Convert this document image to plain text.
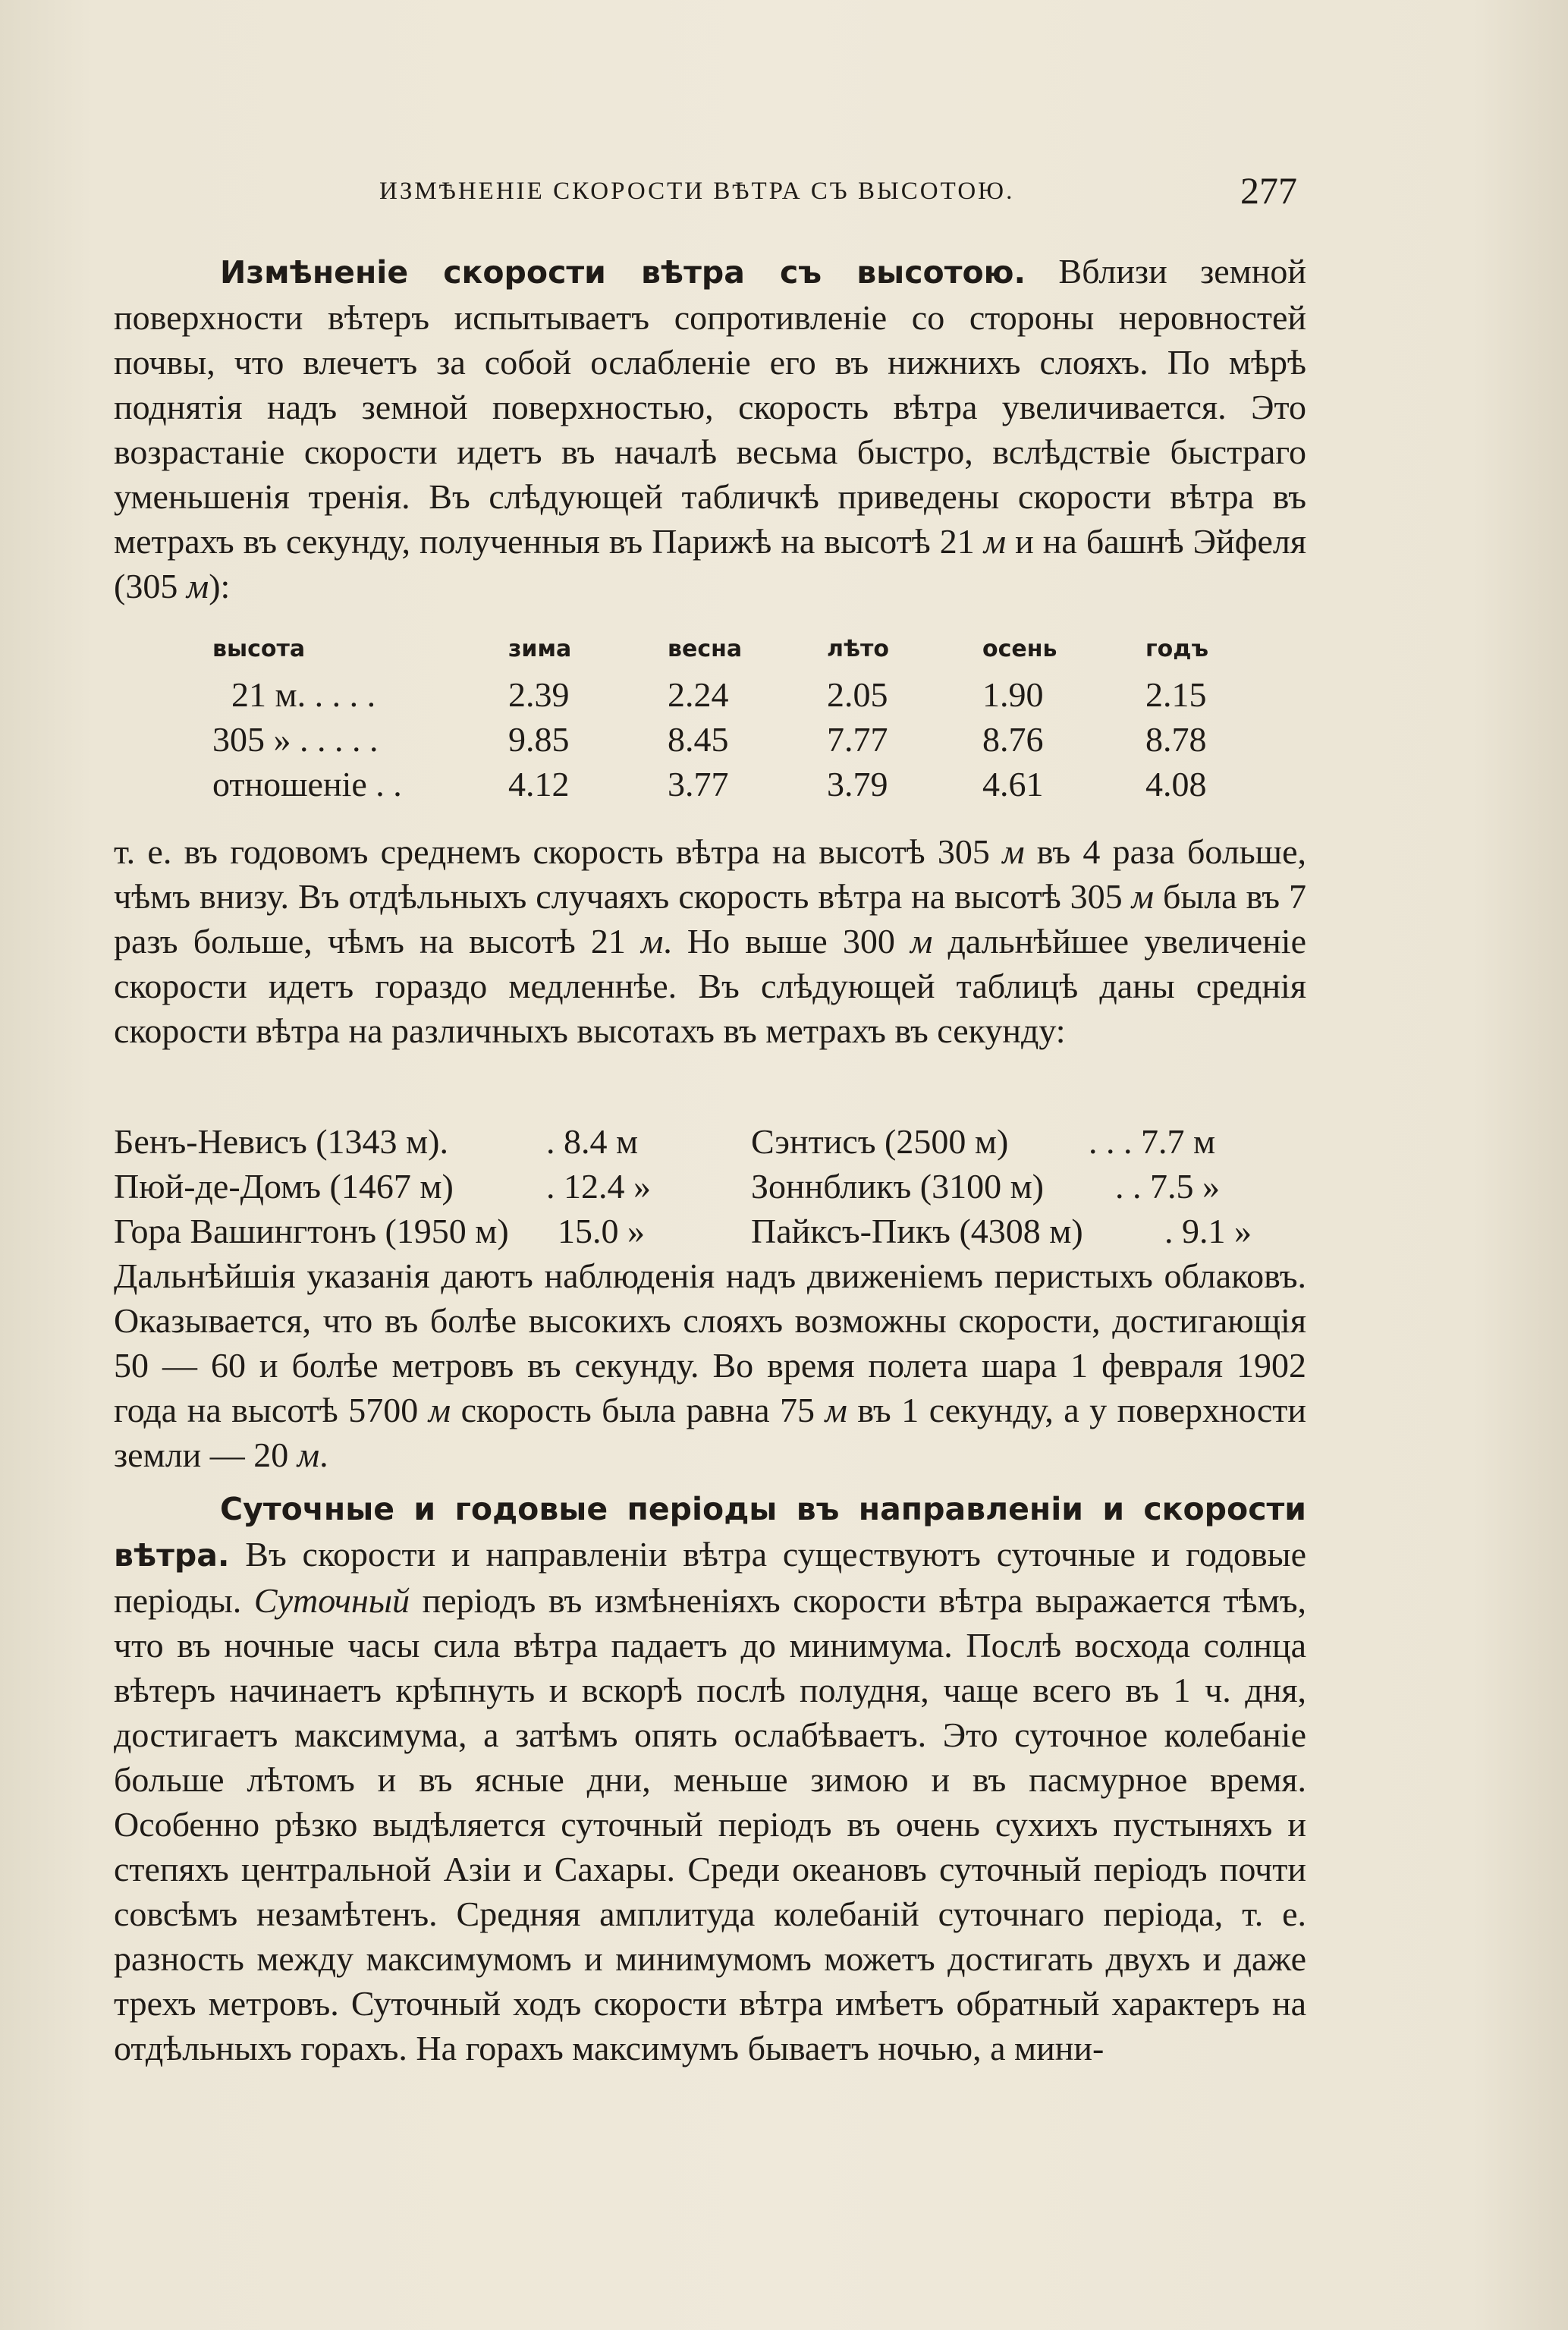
ИЗМѢНЕНІЕ СКОРОСТИ ВѢТРА СЪ ВЫСОТОЮ.	277

Измѣненіе скорости вѣтра съ высотою. Вблизи земной поверхности вѣтеръ испытываетъ сопротивленіе со стороны неровностей почвы, что влечетъ за собой ослабленіе его въ нижнихъ слояхъ. По мѣрѣ поднятія надъ земной поверхностью, скорость вѣтра увеличивается. Это возрастаніе скорости идетъ въ началѣ весьма быстро, вслѣдствіе быстраго уменьшенія тренія. Въ слѣдующей табличкѣ приведены скорости вѣтра въ метрахъ въ секунду, полученныя въ Парижѣ на высотѣ 21 м и на башнѣ Эйфеля (305 м):

высота	зима	весна	лѣто	осень	годъ
21 м. . . . .	2.39	2.24	2.05	1.90	2.15
305 » . . . . .	9.85	8.45	7.77	8.76	8.78
отношеніе . .	4.12	3.77	3.79	4.61	4.08

т. е. въ годовомъ среднемъ скорость вѣтра на высотѣ 305 м въ 4 раза больше, чѣмъ внизу. Въ отдѣльныхъ случаяхъ скорость вѣтра на высотѣ 305 м была въ 7 разъ больше, чѣмъ на высотѣ 21 м. Но выше 300 м дальнѣйшее увеличеніе скорости идетъ гораздо медленнѣе. Въ слѣдующей таблицѣ даны среднія скорости вѣтра на различныхъ высотахъ въ метрахъ въ секунду:

Бенъ-Невисъ (1343 м).	. 8.4 м	Сэнтисъ (2500 м) . . . 7.7 м
Пюй-де-Домъ (1467 м)	. 12.4 »	Зоннбликъ (3100 м) . . 7.5 »
Гора Вашингтонъ (1950 м) 15.0 »	Пайксъ-Пикъ (4308 м) . 9.1 »

Дальнѣйшія указанія даютъ наблюденія надъ движеніемъ перистыхъ облаковъ. Оказывается, что въ болѣе высокихъ слояхъ возможны скорости, достигающія 50 — 60 и болѣе метровъ въ секунду. Во время полета шара 1 февраля 1902 года на высотѣ 5700 м скорость была равна 75 м въ 1 секунду, а у поверхности земли — 20 м.

Суточные и годовые періоды въ направленіи и скорости вѣтра. Въ скорости и направленіи вѣтра существуютъ суточные и годовые періоды. Суточный періодъ въ измѣненіяхъ скорости вѣтра выражается тѣмъ, что въ ночные часы сила вѣтра падаетъ до минимума. Послѣ восхода солнца вѣтеръ начинаетъ крѣпнуть и вскорѣ послѣ полудня, чаще всего въ 1 ч. дня, достигаетъ максимума, а затѣмъ опять ослабѣваетъ. Это суточное колебаніе больше лѣтомъ и въ ясные дни, меньше зимою и въ пасмурное время. Особенно рѣзко выдѣляется суточный періодъ въ очень сухихъ пустыняхъ и степяхъ центральной Азіи и Сахары. Среди океановъ суточный періодъ почти совсѣмъ незамѣтенъ. Средняя амплитуда колебаній суточнаго періода, т. е. разность между максимумомъ и минимумомъ можетъ достигать двухъ и даже трехъ метровъ. Суточный ходъ скорости вѣтра имѣетъ обратный характеръ на отдѣльныхъ горахъ. На горахъ максимумъ бываетъ ночью, а мини-
